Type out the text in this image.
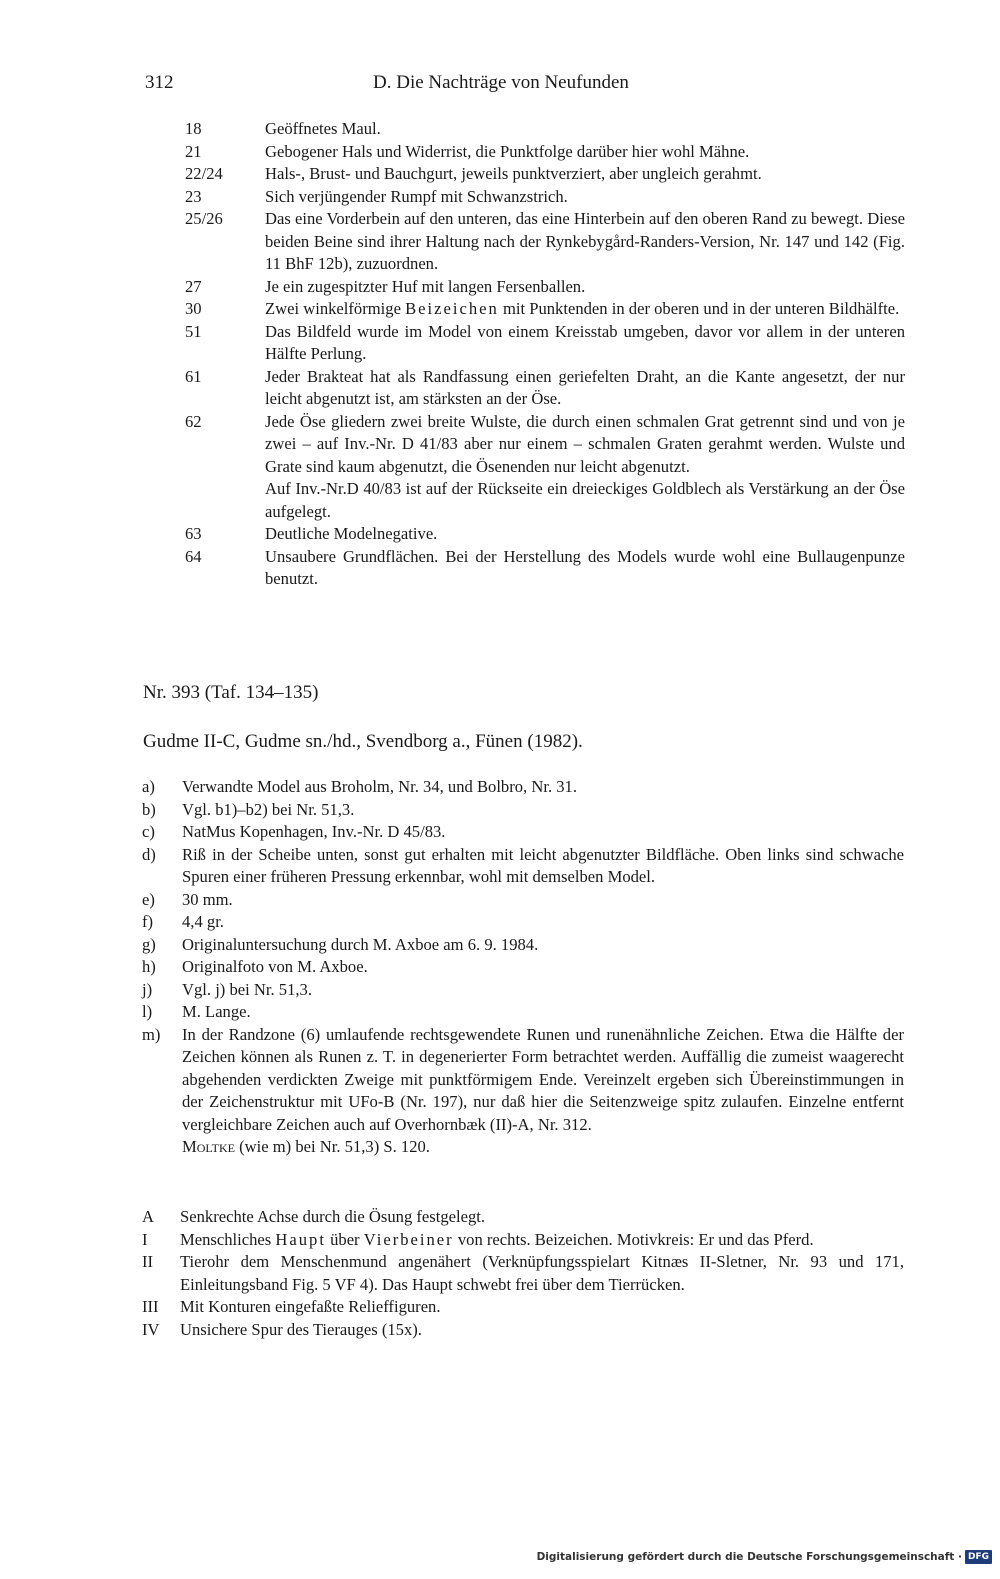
312	D. Die Nachträge von Neufunden
18	Geöffnetes Maul.

21	Gebogener Hals und Widerrist, die Punktfolge darüber hier wohl Mähne.

22/24	Hals-, Brust- und Bauchgurt, jeweils punktverziert, aber ungleich gerahmt.

23	Sich verjüngender Rumpf mit Schwanzstrich.

25/26	Das eine Vorderbein auf den unteren, das eine Hinterbein auf den oberen Rand zu bewegt. Diese beiden Beine sind ihrer Haltung nach der Rynkebygård-Randers-Version, Nr. 147 und 142 (Fig. 11 BhF 12b), zuzuordnen.

27	Je ein zugespitzter Huf mit langen Fersenballen.

30	Zwei winkelförmige Beizeichen mit Punktenden in der oberen und in der unteren Bildhälfte.

51	Das Bildfeld wurde im Model von einem Kreisstab umgeben, davor vor allem in der unteren Hälfte Perlung.

61	Jeder Brakteat hat als Randfassung einen geriefelten Draht, an die Kante angesetzt, der nur leicht abgenutzt ist, am stärksten an der Öse.

62	Jede Öse gliedern zwei breite Wulste, die durch einen schmalen Grat getrennt sind und von je zwei – auf Inv.-Nr. D 41/83 aber nur einem – schmalen Graten gerahmt werden. Wulste und Grate sind kaum abgenutzt, die Ösenenden nur leicht abgenutzt.

Auf Inv.-Nr.D 40/83 ist auf der Rückseite ein dreieckiges Goldblech als Verstärkung an der Öse aufgelegt.

63	Deutliche Modelnegative.

64	Unsaubere Grundflächen. Bei der Herstellung des Models wurde wohl eine Bullaugenpunze benutzt.

Nr. 393 (Taf. 134–135)
Gudme II-C, Gudme sn./hd., Svendborg a., Fünen (1982).
a)	Verwandte Model aus Broholm, Nr. 34, und Bolbro, Nr. 31.

b)	Vgl. b1)–b2) bei Nr. 51,3.

c)	NatMus Kopenhagen, Inv.-Nr. D 45/83.

d)	Riß in der Scheibe unten, sonst gut erhalten mit leicht abgenutzter Bildfläche. Oben links sind schwache Spuren einer früheren Pressung erkennbar, wohl mit demselben Model.

e)	30 mm.

f)	4,4 gr.

g)	Originaluntersuchung durch M. Axboe am 6. 9. 1984.

h)	Originalfoto von M. Axboe.

j)	Vgl. j) bei Nr. 51,3.

l)	M. Lange.

m)	In der Randzone (6) umlaufende rechtsgewendete Runen und runenähnliche Zeichen. Etwa die Hälfte der Zeichen können als Runen z. T. in degenerierter Form betrachtet werden. Auffällig die zumeist waagerecht abgehenden verdickten Zweige mit punktförmigem Ende. Vereinzelt ergeben sich Übereinstimmungen in der Zeichenstruktur mit UFo-B (Nr. 197), nur daß hier die Seitenzweige spitz zulaufen. Einzelne entfernt vergleichbare Zeichen auch auf Overhornbæk (II)-A, Nr. 312.

Moltke (wie m) bei Nr. 51,3) S. 120.

A	Senkrechte Achse durch die Ösung festgelegt.
I	Menschliches Haupt über Vierbeiner von rechts. Beizeichen. Motivkreis: Er und das Pferd.
II	Tierohr dem Menschenmund angenähert (Verknüpfungsspielart Kitnæs II-Sletner, Nr. 93 und 171, Einleitungsband Fig. 5 VF 4). Das Haupt schwebt frei über dem Tierrücken.
III	Mit Konturen eingefaßte Relieffiguren.
IV	Unsichere Spur des Tierauges (15x).
Digitalisierung gefördert durch die Deutsche Forschungsgemeinschaft · DFG
